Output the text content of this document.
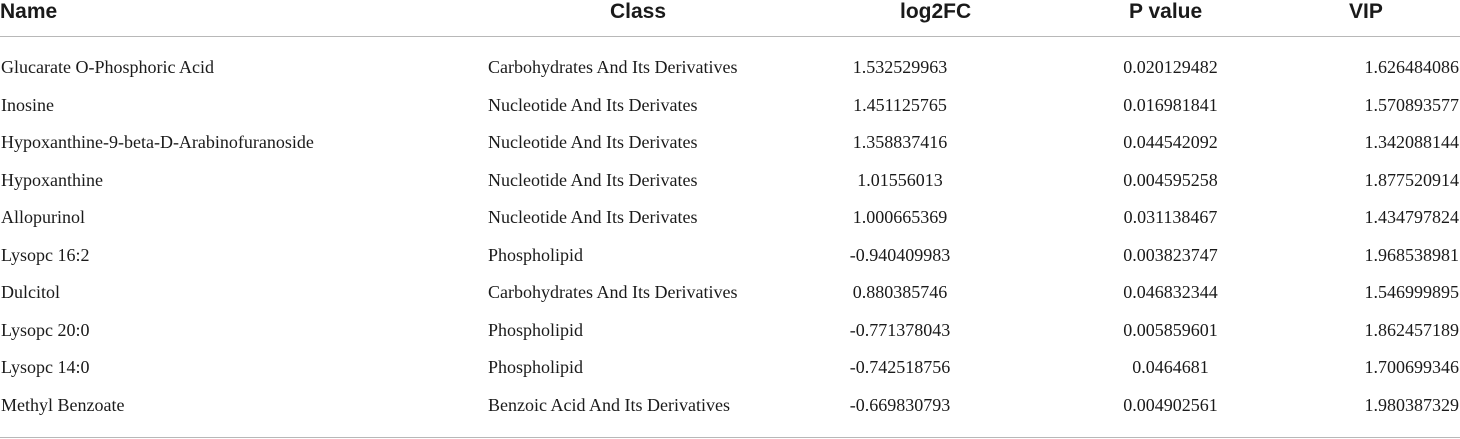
Name	Class	log2FC	P value	VIP
Glucarate O-Phosphoric Acid	Carbohydrates And Its Derivatives	1.532529963	0.020129482	1.626484086
Inosine	Nucleotide And Its Derivates	1.451125765	0.016981841	1.570893577
Hypoxanthine-9-beta-D-Arabinofuranoside	Nucleotide And Its Derivates	1.358837416	0.044542092	1.342088144
Hypoxanthine	Nucleotide And Its Derivates	1.01556013	0.004595258	1.877520914
Allopurinol	Nucleotide And Its Derivates	1.000665369	0.031138467	1.434797824
Lysopc 16:2	Phospholipid	-0.940409983	0.003823747	1.968538981
Dulcitol	Carbohydrates And Its Derivatives	0.880385746	0.046832344	1.546999895
Lysopc 20:0	Phospholipid	-0.771378043	0.005859601	1.862457189
Lysopc 14:0	Phospholipid	-0.742518756	0.0464681	1.700699346
Methyl Benzoate	Benzoic Acid And Its Derivatives	-0.669830793	0.004902561	1.980387329
